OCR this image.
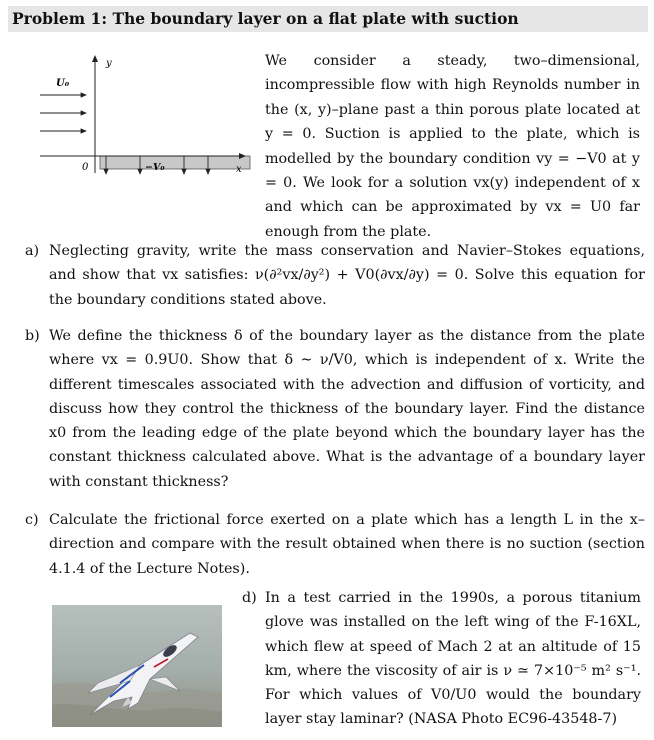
Problem 1: The boundary layer on a flat plate with suction
y
U₀
0	x
−V₀
We consider a steady, two–dimensional, incompressible flow with high Reynolds number in the (x, y)–plane past a thin porous plate located at y = 0. Suction is applied to the plate, which is modelled by the boundary condition vy = −V0 at y = 0. We look for a solution vx(y) independent of x and which can be approximated by vx = U0 far enough from the plate.
a) Neglecting gravity, write the mass conservation and Navier–Stokes equations, and show that vx satisfies: ν(∂²vx/∂y²) + V0(∂vx/∂y) = 0. Solve this equation for the boundary conditions stated above.
b) We define the thickness δ of the boundary layer as the distance from the plate where vx = 0.9U0. Show that δ ∼ ν/V0, which is independent of x. Write the different timescales associated with the advection and diffusion of vorticity, and discuss how they control the thickness of the boundary layer. Find the distance x0 from the leading edge of the plate beyond which the boundary layer has the constant thickness calculated above. What is the advantage of a boundary layer with constant thickness?
c) Calculate the frictional force exerted on a plate which has a length L in the x–direction and compare with the result obtained when there is no suction (section 4.1.4 of the Lecture Notes).
d) In a test carried in the 1990s, a porous titanium glove was installed on the left wing of the F-16XL, which flew at speed of Mach 2 at an altitude of 15 km, where the viscosity of air is ν ≃ 7×10⁻⁵ m² s⁻¹. For which values of V0/U0 would the boundary layer stay laminar? (NASA Photo EC96-43548-7)
